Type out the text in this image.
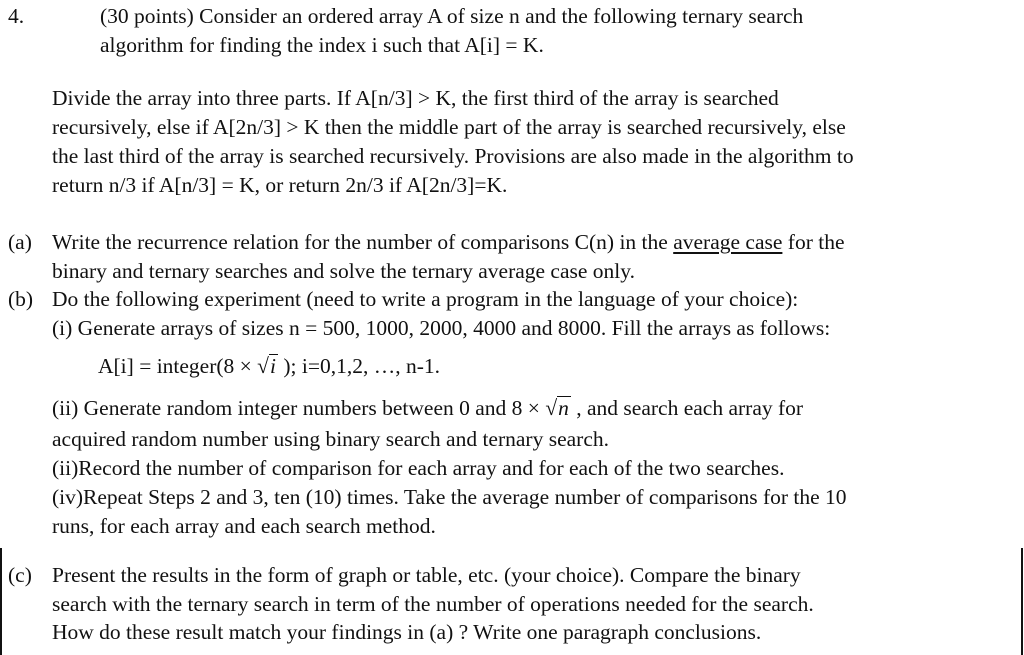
4.	(30 points) Consider an ordered array A of size n and the following ternary search
algorithm for finding the index i such that A[i] = K.
Divide the array into three parts. If A[n/3] > K, the first third of the array is searched
recursively, else if A[2n/3] > K then the middle part of the array is searched recursively, else
the last third of the array is searched recursively. Provisions are also made in the algorithm to
return n/3 if A[n/3] = K, or return 2n/3 if A[2n/3]=K.
(a) Write the recurrence relation for the number of comparisons C(n) in the average case for the
binary and ternary searches and solve the ternary average case only.
(b) Do the following experiment (need to write a program in the language of your choice):
(i) Generate arrays of sizes n = 500, 1000, 2000, 4000 and 8000. Fill the arrays as follows:
A[i] = integer(8 × √i ); i=0,1,2, …, n-1.
(ii) Generate random integer numbers between 0 and 8 × √n , and search each array for
acquired random number using binary search and ternary search.
(ii)Record the number of comparison for each array and for each of the two searches.
(iv)Repeat Steps 2 and 3, ten (10) times. Take the average number of comparisons for the 10
runs, for each array and each search method.
(c) Present the results in the form of graph or table, etc. (your choice). Compare the binary
search with the ternary search in term of the number of operations needed for the search.
How do these result match your findings in (a) ? Write one paragraph conclusions.
